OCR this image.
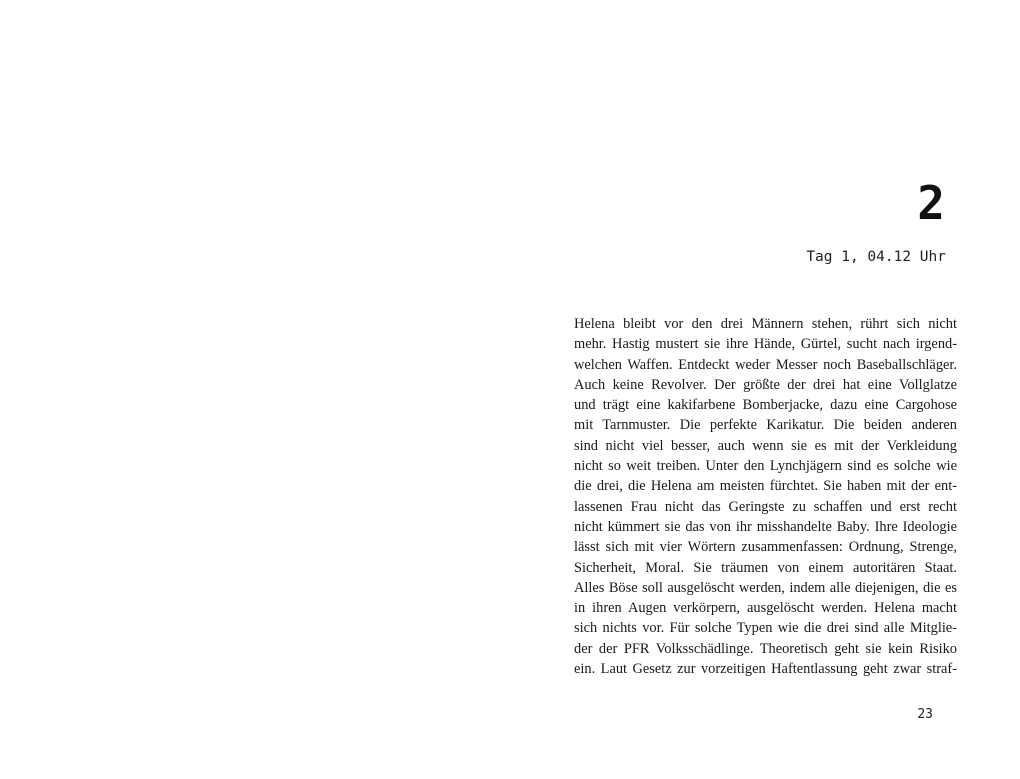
2
Tag 1, 04.12 Uhr
Helena bleibt vor den drei Männern stehen, rührt sich nicht
mehr. Hastig mustert sie ihre Hände, Gürtel, sucht nach irgend-
welchen Waffen. Entdeckt weder Messer noch Baseballschläger.
Auch keine Revolver. Der größte der drei hat eine Vollglatze
und trägt eine kakifarbene Bomberjacke, dazu eine Cargohose
mit Tarnmuster. Die perfekte Karikatur. Die beiden anderen
sind nicht viel besser, auch wenn sie es mit der Verkleidung
nicht so weit treiben. Unter den Lynchjägern sind es solche wie
die drei, die Helena am meisten fürchtet. Sie haben mit der ent-
lassenen Frau nicht das Geringste zu schaffen und erst recht
nicht kümmert sie das von ihr misshandelte Baby. Ihre Ideologie
lässt sich mit vier Wörtern zusammenfassen: Ordnung, Strenge,
Sicherheit, Moral. Sie träumen von einem autoritären Staat.
Alles Böse soll ausgelöscht werden, indem alle diejenigen, die es
in ihren Augen verkörpern, ausgelöscht werden. Helena macht
sich nichts vor. Für solche Typen wie die drei sind alle Mitglie-
der der PFR Volksschädlinge. Theoretisch geht sie kein Risiko
ein. Laut Gesetz zur vorzeitigen Haftentlassung geht zwar straf-
23
